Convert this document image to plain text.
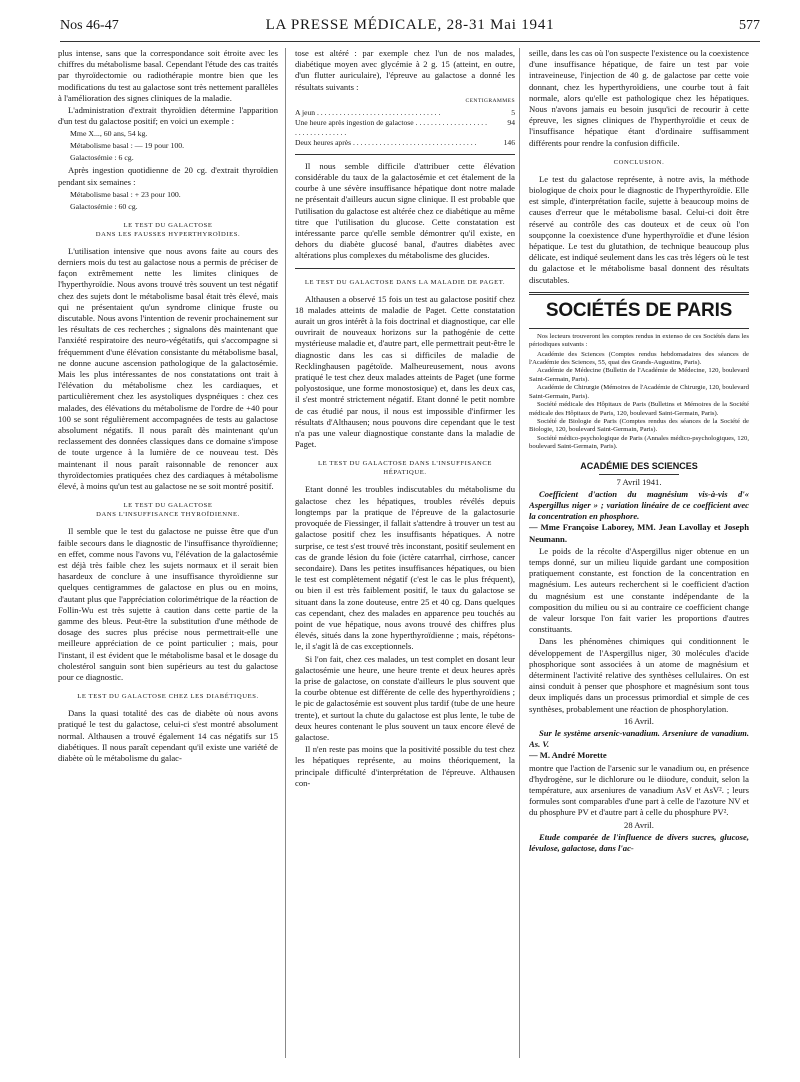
Nos 46-47	LA PRESSE MÉDICALE, 28-31 Mai 1941	577

plus intense, sans que la correspondance soit étroite avec les chiffres du métabolisme basal. Cependant l'étude des cas traités par thyroïdectomie ou radiothérapie montre bien que les modifications du test au galactose sont très nettement parallèles à l'amélioration des signes cliniques de la maladie.

L'administration d'extrait thyroïdien détermine l'apparition d'un test du galactose positif; en voici un exemple :

Mme X..., 60 ans, 54 kg.

Métabolisme basal : — 19 pour 100.

Galactosémie : 6 cg.

Après ingestion quotidienne de 20 cg. d'extrait thyroïdien pendant six semaines :

Métabolisme basal : + 23 pour 100.

Galactosémie : 60 cg.

LE TEST DU GALACTOSE
DANS LES FAUSSES HYPERTHYROÏDIES.

L'utilisation intensive que nous avons faite au cours des derniers mois du test au galactose nous a permis de préciser de façon extrêmement nette les limites cliniques de l'hyperthyroïdie. Nous avons trouvé très souvent un test négatif chez des sujets dont le métabolisme basal était très élevé, mais qui ne présentaient qu'un syndrome clinique fruste ou discutable. Nous avons l'intention de revenir prochainement sur les résultats de ces recherches ; signalons dès maintenant que l'anxiété respiratoire des neuro-végétatifs, qui s'accompagne si fréquemment d'une élévation consistante du métabolisme basal, ne donne aucune ascension pathologique de la galactosémie. Mais les plus intéressantes de nos constatations ont trait à l'élévation du métabolisme chez les cardiaques, et particulièrement chez les asystoliques dyspnéiques : chez ces malades, des élévations du métabolisme de l'ordre de +40 pour 100 se sont régulièrement accompagnées de tests au galactose absolument négatifs. Il nous paraît dès maintenant qu'un reclassement des données classiques dans ce domaine s'impose de toute urgence à la lumière de ce nouveau test. Dès maintenant il nous paraît raisonnable de renoncer aux thyroïdectomies pratiquées chez des cardiaques à métabolisme élevé, à moins qu'un test au galactose ne se soit montré positif.

LE TEST DU GALACTOSE
DANS L'INSUFFISANCE THYROÏDIENNE.

Il semble que le test du galactose ne puisse être que d'un faible secours dans le diagnostic de l'insuffisance thyroïdienne; en effet, comme nous l'avons vu, l'élévation de la galactosémie est déjà très faible chez les sujets normaux et il serait bien hasardeux de conclure à une insuffisance thyroïdienne sur quelques centigrammes de galactose en plus ou en moins, d'autant plus que l'appréciation colorimétrique de la réaction de Follin-Wu est très sujette à caution dans cette partie de la gamme des bleus. Peut-être la substitution d'une méthode de dosage des sucres plus précise nous permettrait-elle une meilleure appréciation de ce point particulier ; mais, pour l'instant, il est évident que le métabolisme basal et le dosage du cholestérol sanguin sont bien supérieurs au test du galactose pour ce diagnostic.

LE TEST DU GALACTOSE CHEZ LES DIABÉTIQUES.

Dans la quasi totalité des cas de diabète où nous avons pratiqué le test du galactose, celui-ci s'est montré absolument normal. Althausen a trouvé également 14 cas négatifs sur 15 diabétiques. Il nous paraît cependant qu'il existe une variété de diabète où le métabolisme du galac-

tose est altéré : par exemple chez l'un de nos malades, diabétique moyen avec glycémie à 2 g. 15 (atteint, en outre, d'un flutter auriculaire), l'épreuve au galactose a donné les résultats suivants :

CENTIGRAMMES
A jeun . . .	5
Une heure après ingestion de galactose . . .	94
Deux heures après . . .	146

Il nous semble difficile d'attribuer cette élévation considérable du taux de la galactosémie et cet étalement de la courbe à une sévère insuffisance hépatique dont notre malade ne présentait d'ailleurs aucun signe clinique. Il est probable que l'utilisation du galactose est altérée chez ce diabétique au même titre que l'utilisation du glucose. Cette constatation est intéressante parce qu'elle semble démontrer qu'il existe, en dehors du diabète glucosé banal, d'autres diabètes avec altérations plus complexes du métabolisme des glucides.

LE TEST DU GALACTOSE DANS LA MALADIE DE PAGET.

Althausen a observé 15 fois un test au galactose positif chez 18 malades atteints de maladie de Paget. Cette constatation aurait un gros intérêt à la fois doctrinal et diagnostique, car elle ouvrirait de nouveaux horizons sur la pathogénie de cette mystérieuse maladie et, d'autre part, elle permettrait peut-être le diagnostic dans les cas si difficiles de maladie de Recklinghausen pagétoïde. Malheureusement, nous avons pratiqué le test chez deux malades atteints de Paget (une forme polyostosique, une forme monostosique) et, dans les deux cas, il s'est montré strictement négatif. Etant donné le petit nombre de cas étudié par nous, il nous est impossible d'infirmer les résultats d'Althausen; nous pouvons dire cependant que le test n'a pas une valeur diagnostique constante dans la maladie de Paget.

LE TEST DU GALACTOSE DANS L'INSUFFISANCE
HÉPATIQUE.

Etant donné les troubles indiscutables du métabolisme du galactose chez les hépatiques, troubles révélés depuis longtemps par la pratique de l'épreuve de la galactosurie provoquée de Fiessinger, il fallait s'attendre à trouver un test au galactose positif chez les insuffisants hépatiques. A notre surprise, ce test s'est trouvé très inconstant, positif seulement en cas de grande lésion du foie (ictère catarrhal, cirrhose, cancer secondaire). Dans les petites insuffisances hépatiques, ou bien le test est complètement négatif (c'est le cas le plus fréquent), ou bien il est très faiblement positif, le taux du galactose se situant dans la zone douteuse, entre 25 et 40 cg. Dans quelques cas cependant, chez des malades en apparence peu touchés au point de vue hépatique, nous avons trouvé des chiffres plus élevés, situés dans la zone hyperthyroïdienne ; mais, répétons-le, il s'agit là de cas exceptionnels.

Si l'on fait, chez ces malades, un test complet en dosant leur galactosémie une heure, une heure trente et deux heures après la prise de galactose, on constate d'ailleurs le plus souvent que la courbe obtenue est différente de celle des hyperthyroïdiens ; le pic de galactosémie est souvent plus tardif (tube de une heure trente), et surtout la chute du galactose est plus lente, le tube de deux heures contenant le plus souvent un taux encore élevé de galactose.

Il n'en reste pas moins que la positivité possible du test chez les hépatiques représente, au moins théoriquement, la principale difficulté d'interprétation de l'épreuve. Althausen con-

seille, dans les cas où l'on suspecte l'existence ou la coexistence d'une insuffisance hépatique, de faire un test par voie intraveineuse, l'injection de 40 g. de galactose par cette voie donnant, chez les hyperthyroïdiens, une courbe tout à fait normale, alors qu'elle est pathologique chez les hépatiques. Nous n'avons jamais eu besoin jusqu'ici de recourir à cette épreuve, les signes cliniques de l'hyperthyroïdie et ceux de l'insuffisance hépatique étant d'ordinaire suffisamment différents pour rendre la confusion difficile.

CONCLUSION.

Le test du galactose représente, à notre avis, la méthode biologique de choix pour le diagnostic de l'hyperthyroïdie. Elle est simple, d'interprétation facile, sujette à beaucoup moins de causes d'erreur que le métabolisme basal. Celui-ci doit être réservé au contrôle des cas douteux et de ceux où l'on soupçonne la coexistence d'une hyperthyroïdie et d'une lésion hépatique. Le test du glutathion, de technique beaucoup plus délicate, est indiqué seulement dans les cas très légers où le test du galactose et le métabolisme basal donnent des résultats discutables.

SOCIÉTÉS DE PARIS

Nos lecteurs trouveront les comptes rendus in extenso de ces Sociétés dans les périodiques suivants :

Académie des Sciences (Comptes rendus hebdomadaires des séances de l'Académie des Sciences, 55, quai des Grands-Augustins, Paris).

Académie de Médecine (Bulletin de l'Académie de Médecine, 120, boulevard Saint-Germain, Paris).

Académie de Chirurgie (Mémoires de l'Académie de Chirurgie, 120, boulevard Saint-Germain, Paris).

Société médicale des Hôpitaux de Paris (Bulletins et Mémoires de la Société médicale des Hôpitaux de Paris, 120, boulevard Saint-Germain, Paris).

Société de Biologie de Paris (Comptes rendus des séances de la Société de Biologie, 120, boulevard Saint-Germain, Paris).

Société médico-psychologique de Paris (Annales médico-psychologiques, 120, boulevard Saint-Germain, Paris).

ACADÉMIE DES SCIENCES

7 Avril 1941.

Coefficient d'action du magnésium vis-à-vis d'« Aspergillus niger » ; variation linéaire de ce coefficient avec la concentration en phosphore.

— Mme Françoise Laborey, MM. Jean Lavollay et Joseph Neumann.

Le poids de la récolte d'Aspergillus niger obtenue en un temps donné, sur un milieu liquide gardant une composition pratiquement constante, est fonction de la concentration en magnésium. Les auteurs recherchent si le coefficient d'action du magnésium est une constante indépendante de la composition du milieu ou si au contraire ce coefficient change de valeur lorsque l'on fait varier les proportions d'autres constituants.

Dans les phénomènes chimiques qui conditionnent le développement de l'Aspergillus niger, 30 molécules d'acide phosphorique sont associées à un atome de magnésium et déterminent l'activité relative des synthèses cellulaires. On est ainsi conduit à penser que phosphore et magnésium sont tous deux impliqués dans un processus primordial et simple de ces synthèses, probablement une réaction de phosphorylation.

16 Avril.

Sur le système arsenic-vanadium. Arseniure de vanadium. As. V.

— M. André Morette

montre que l'action de l'arsenic sur le vanadium ou, en présence d'hydrogène, sur le dichlorure ou le diiodure, conduit, selon la température, aux arseniures de vanadium AsV et AsV². ; leurs formules sont comparables d'une part à celle de l'azoture NV et du phosphure PV et d'autre part à celle du phosphure PV².

28 Avril.

Etude comparée de l'influence de divers sucres, glucose, lévulose, galactose, dans l'ac-
